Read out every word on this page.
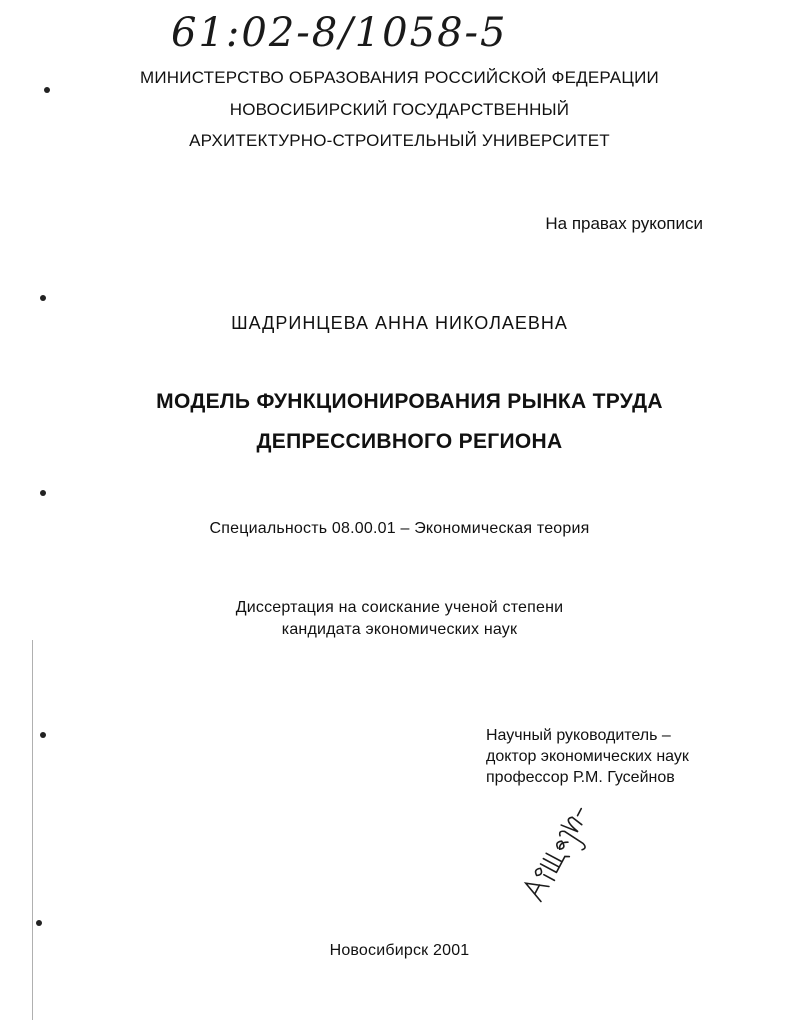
61:02-8/1058-5
МИНИСТЕРСТВО ОБРАЗОВАНИЯ РОССИЙСКОЙ ФЕДЕРАЦИИ
НОВОСИБИРСКИЙ ГОСУДАРСТВЕННЫЙ
АРХИТЕКТУРНО-СТРОИТЕЛЬНЫЙ УНИВЕРСИТЕТ
На правах рукописи
ШАДРИНЦЕВА АННА НИКОЛАЕВНА
МОДЕЛЬ ФУНКЦИОНИРОВАНИЯ РЫНКА ТРУДА
ДЕПРЕССИВНОГО РЕГИОНА
Специальность 08.00.01 – Экономическая теория
Диссертация на соискание ученой степени
кандидата экономических наук
Научный руководитель –
доктор экономических наук
профессор Р.М. Гусейнов
Новосибирск 2001
